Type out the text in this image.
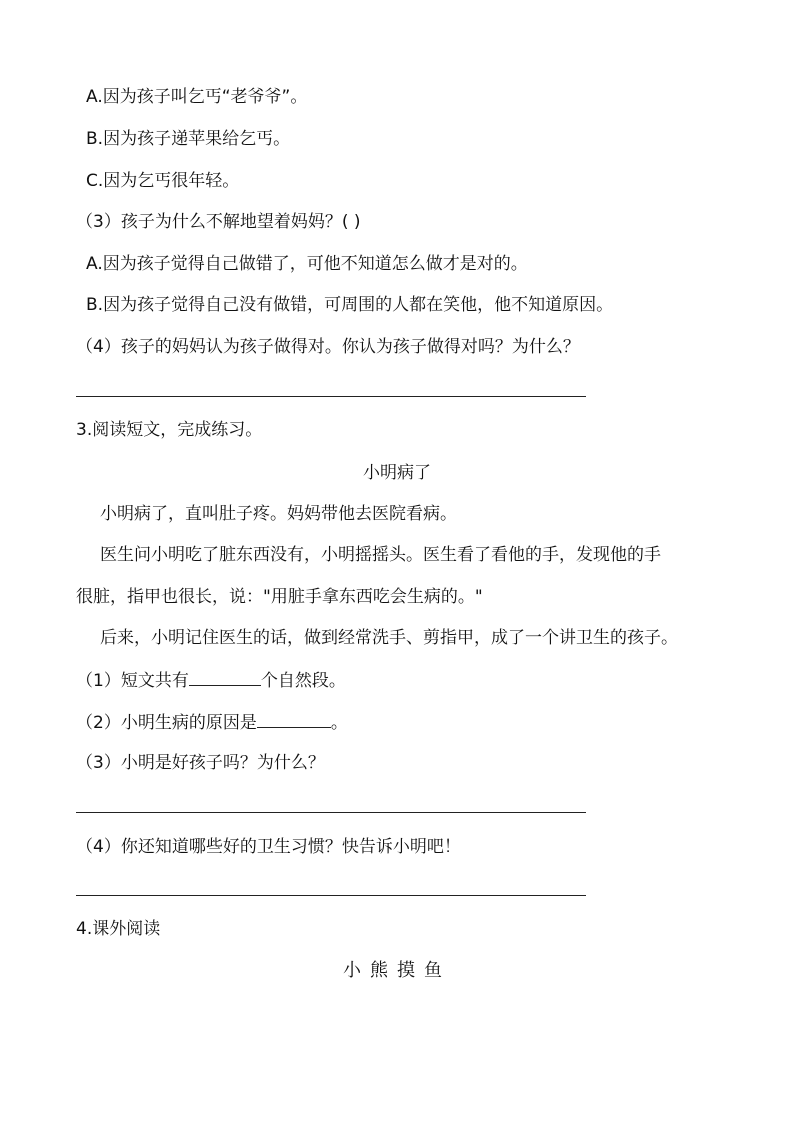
A.因为孩子叫乞丐“老爷爷”。
B.因为孩子递苹果给乞丐。
C.因为乞丐很年轻。
（3）孩子为什么不解地望着妈妈？( )
A.因为孩子觉得自己做错了，可他不知道怎么做才是对的。
B.因为孩子觉得自己没有做错，可周围的人都在笑他，他不知道原因。
（4）孩子的妈妈认为孩子做得对。你认为孩子做得对吗？为什么？
3.阅读短文，完成练习。
小明病了
小明病了，直叫肚子疼。妈妈带他去医院看病。
医生问小明吃了脏东西没有，小明摇摇头。医生看了看他的手，发现他的手
很脏，指甲也很长，说："用脏手拿东西吃会生病的。"
后来，小明记住医生的话，做到经常洗手、剪指甲，成了一个讲卫生的孩子。
（1）短文共有	个自然段。
（2）小明生病的原因是	。
（3）小明是好孩子吗？为什么？
（4）你还知道哪些好的卫生习惯？快告诉小明吧！
4.课外阅读
小熊摸鱼
